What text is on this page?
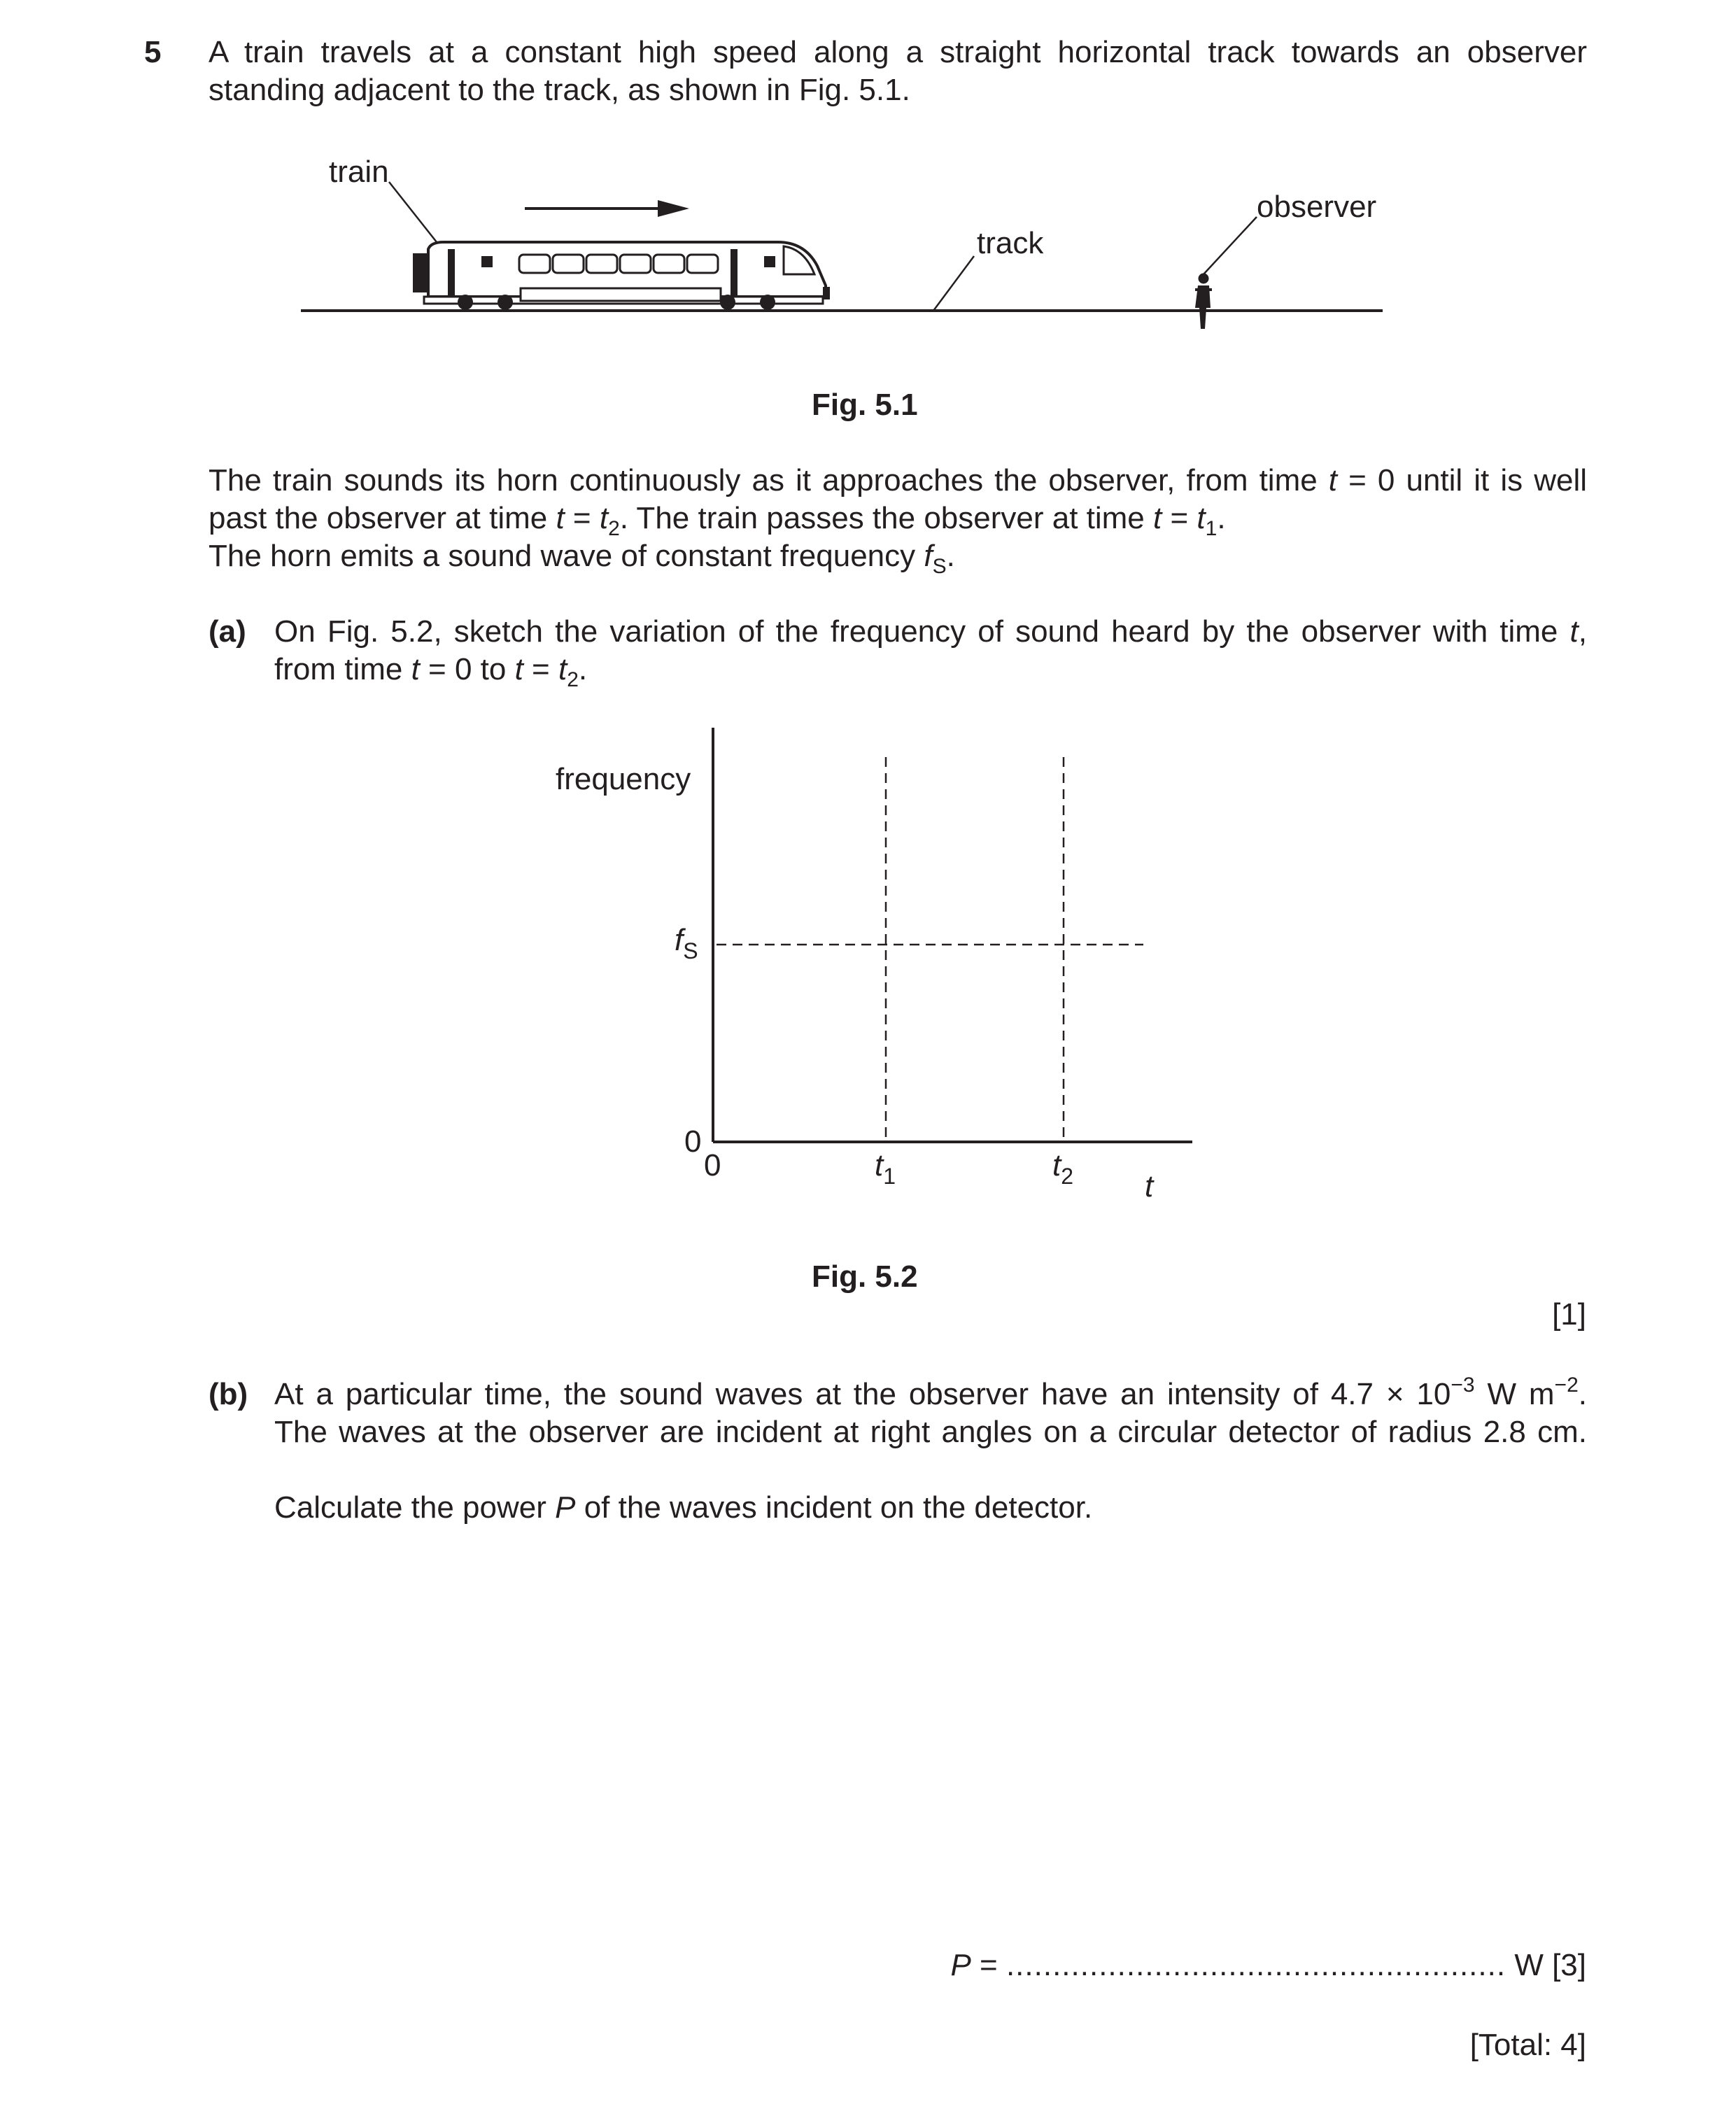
5 A train travels at a constant high speed along a straight horizontal track towards an observer
standing adjacent to the track, as shown in Fig. 5.1.
train
track
observer
Fig. 5.1
The train sounds its horn continuously as it approaches the observer, from time t = 0 until it is well
past the observer at time $t = t_2$. The train passes the observer at time $t = t_1$.
The horn emits a sound wave of constant frequency $f_S$.
(a) On Fig. 5.2, sketch the variation of the frequency of sound heard by the observer with time t,
from time t = 0 to $t = t_2$.
frequency
$f_S$
0
0	$t_1$	$t_2$ t
Fig. 5.2
[1]
(b) At a particular time, the sound waves at the observer have an intensity of $4.7 \times 10^{-3}$ W $m^{-2}$.
The waves at the observer are incident at right angles on a circular detector of radius 2.8 cm.
Calculate the power P of the waves incident on the detector.
P = ...................................................... W [3]
[Total: 4]
